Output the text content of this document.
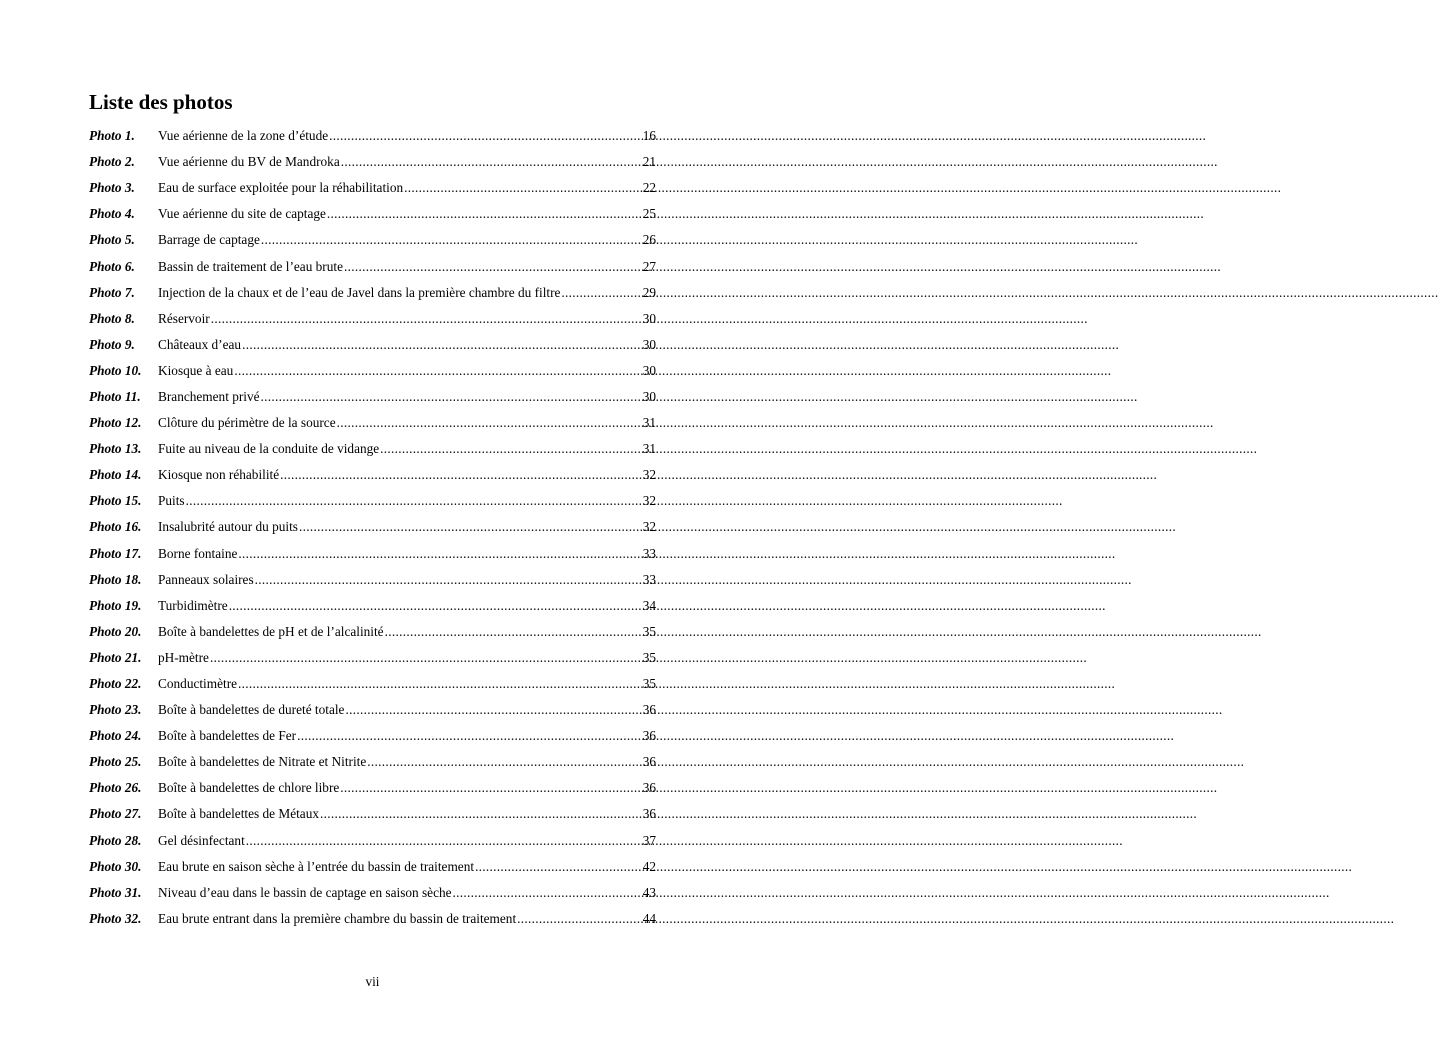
Liste des photos
Photo 1.	Vue aérienne de la zone d’étude .....	16
Photo 2.	Vue aérienne du BV de Mandroka .....	21
Photo 3.	Eau de surface exploitée pour la réhabilitation .....	22
Photo 4.	Vue aérienne du site de captage .....	25
Photo 5.	Barrage de captage .....	26
Photo 6.	Bassin de traitement de l’eau brute .....	27
Photo 7.	Injection de la chaux et de l’eau de Javel dans la première chambre du filtre .....	29
Photo 8.	Réservoir .....	30
Photo 9.	Châteaux d’eau .....	30
Photo 10.	Kiosque à eau .....	30
Photo 11.	Branchement privé .....	30
Photo 12.	Clôture du périmètre de la source .....	31
Photo 13.	Fuite au niveau de la conduite de vidange .....	31
Photo 14.	Kiosque non réhabilité .....	32
Photo 15.	Puits .....	32
Photo 16.	Insalubrité autour du puits .....	32
Photo 17.	Borne fontaine .....	33
Photo 18.	Panneaux solaires .....	33
Photo 19.	Turbidimètre .....	34
Photo 20.	Boîte à bandelettes de pH et de l’alcalinité .....	35
Photo 21.	pH-mètre .....	35
Photo 22.	Conductimètre .....	35
Photo 23.	Boîte à bandelettes de dureté totale .....	36
Photo 24.	Boîte à bandelettes de Fer .....	36
Photo 25.	Boîte à bandelettes de Nitrate et Nitrite .....	36
Photo 26.	Boîte à bandelettes de chlore libre .....	36
Photo 27.	Boîte à bandelettes de Métaux .....	36
Photo 28.	Gel désinfectant .....	37
Photo 30.	Eau brute en saison sèche à l’entrée du bassin de traitement .....	42
Photo 31.	Niveau d’eau dans le bassin de captage en saison sèche .....	43
Photo 32.	Eau brute entrant dans la première chambre du bassin de traitement .....	44
vii
